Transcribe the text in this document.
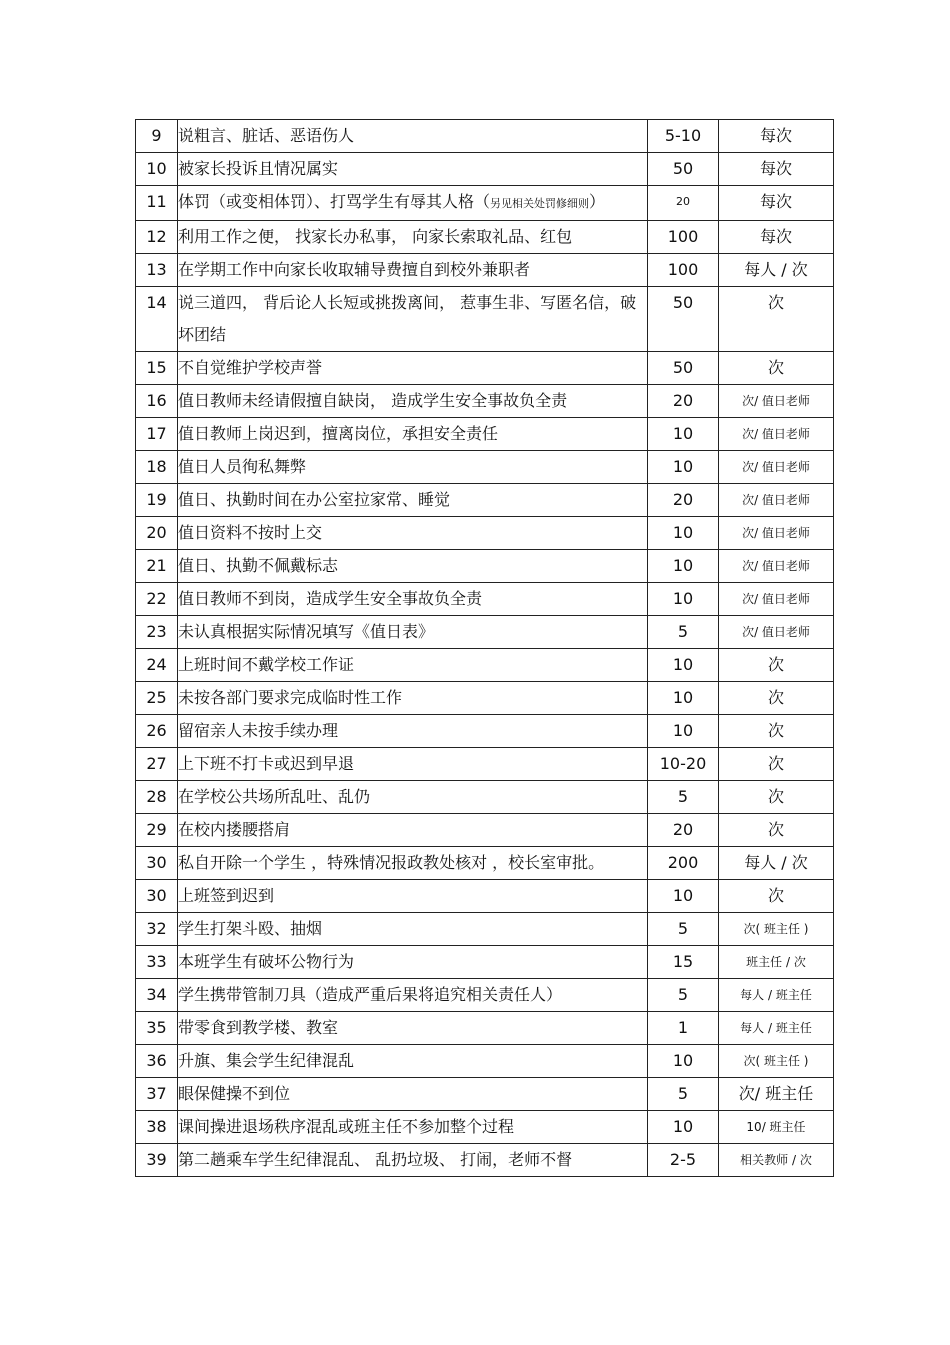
9	说粗言、脏话、恶语伤人	5-10	每次
10	被家长投诉且情况属实	50	每次
11	体罚（或变相体罚）、打骂学生有辱其人格（另见相关处罚修细则）	20	每次
12	利用工作之便， 找家长办私事， 向家长索取礼品、红包	100	每次
13	在学期工作中向家长收取辅导费擅自到校外兼职者	100	每人 / 次
14	说三道四， 背后论人长短或挑拨离间， 惹事生非、写匿名信，破坏团结	50	次
15	不自觉维护学校声誉	50	次
16	值日教师未经请假擅自缺岗， 造成学生安全事故负全责	20	次/ 值日老师
17	值日教师上岗迟到，擅离岗位，承担安全责任	10	次/ 值日老师
18	值日人员徇私舞弊	10	次/ 值日老师
19	值日、执勤时间在办公室拉家常、睡觉	20	次/ 值日老师
20	值日资料不按时上交	10	次/ 值日老师
21	值日、执勤不佩戴标志	10	次/ 值日老师
22	值日教师不到岗，造成学生安全事故负全责	10	次/ 值日老师
23	未认真根据实际情况填写《值日表》	5	次/ 值日老师
24	上班时间不戴学校工作证	10	次
25	未按各部门要求完成临时性工作	10	次
26	留宿亲人未按手续办理	10	次
27	上下班不打卡或迟到早退	10-20	次
28	在学校公共场所乱吐、乱仍	5	次
29	在校内搂腰搭肩	20	次
30	私自开除一个学生 ，特殊情况报政教处核对 ，校长室审批。	200	每人 / 次
30	上班签到迟到	10	次
32	学生打架斗殴、抽烟	5	次( 班主任 )
33	本班学生有破坏公物行为	15	班主任 / 次
34	学生携带管制刀具（造成严重后果将追究相关责任人）	5	每人 / 班主任
35	带零食到教学楼、教室	1	每人 / 班主任
36	升旗、集会学生纪律混乱	10	次( 班主任 )
37	眼保健操不到位	5	次/ 班主任
38	课间操进退场秩序混乱或班主任不参加整个过程	10	10/ 班主任
39	第二趟乘车学生纪律混乱、 乱扔垃圾、 打闹，老师不督	2-5	相关教师 / 次
